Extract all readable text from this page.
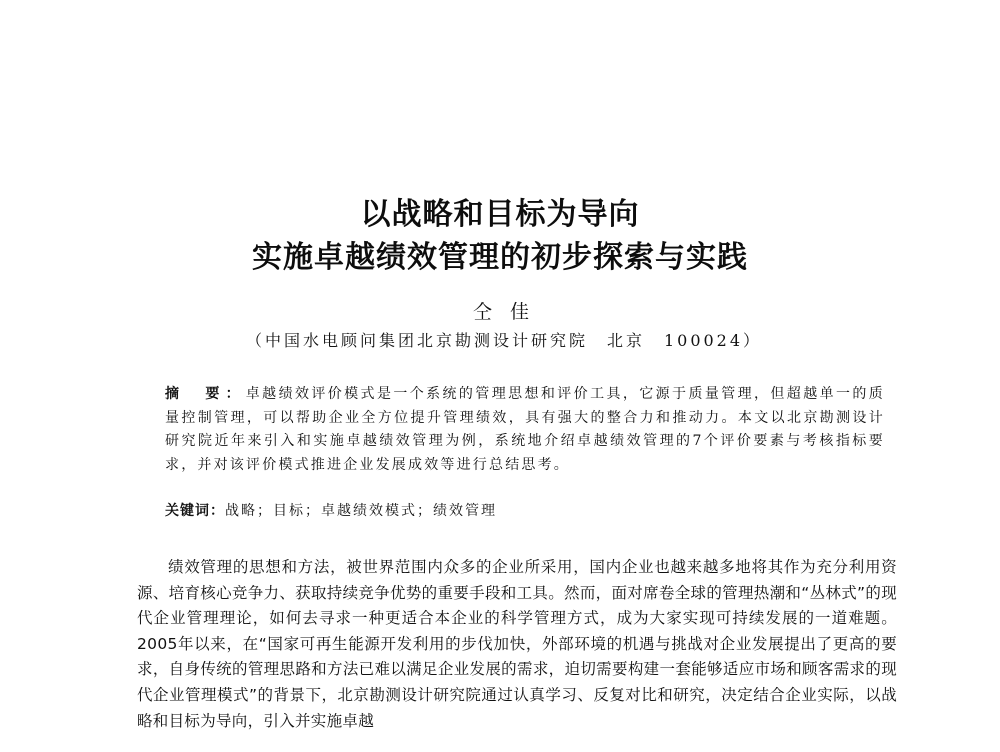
以战略和目标为导向
实施卓越绩效管理的初步探索与实践
仝佳
（中国水电顾问集团北京勘测设计研究院　北京　100024）
摘　要：卓越绩效评价模式是一个系统的管理思想和评价工具，它源于质量管理，但超越单一的质量控制管理，可以帮助企业全方位提升管理绩效，具有强大的整合力和推动力。本文以北京勘测设计研究院近年来引入和实施卓越绩效管理为例，系统地介绍卓越绩效管理的7个评价要素与考核指标要求，并对该评价模式推进企业发展成效等进行总结思考。
关键词：战略；目标；卓越绩效模式；绩效管理
绩效管理的思想和方法，被世界范围内众多的企业所采用，国内企业也越来越多地将其作为充分利用资源、培育核心竞争力、获取持续竞争优势的重要手段和工具。然而，面对席卷全球的管理热潮和“丛林式”的现代企业管理理论，如何去寻求一种更适合本企业的科学管理方式，成为大家实现可持续发展的一道难题。2005年以来，在“国家可再生能源开发利用的步伐加快，外部环境的机遇与挑战对企业发展提出了更高的要求，自身传统的管理思路和方法已难以满足企业发展的需求，迫切需要构建一套能够适应市场和顾客需求的现代企业管理模式”的背景下，北京勘测设计研究院通过认真学习、反复对比和研究，决定结合企业实际，以战略和目标为导向，引入并实施卓越
